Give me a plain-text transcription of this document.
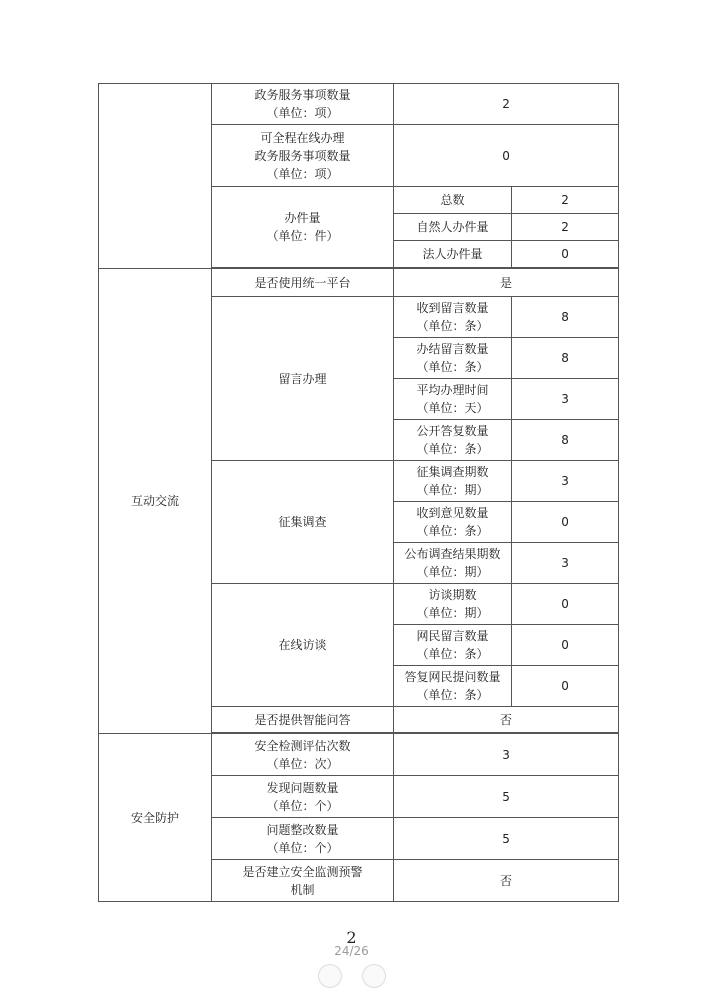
	政务服务事项数量
（单位：项）	2	
	可全程在线办理
政务服务事项数量
（单位：项）	0	
	办件量
（单位：件）	总数	2
		自然人办件量	2
		法人办件量	0

互动交流	是否使用统一平台	是	
	留言办理	收到留言数量
（单位：条）	8
		办结留言数量
（单位：条）	8
		平均办理时间
（单位：天）	3
		公开答复数量
（单位：条）	8
	征集调查	征集调查期数
（单位：期）	3
		收到意见数量
（单位：条）	0
		公布调查结果期数
（单位：期）	3
	在线访谈	访谈期数
（单位：期）	0
		网民留言数量
（单位：条）	0
		答复网民提问数量
（单位：条）	0
	是否提供智能问答	否	

安全防护	安全检测评估次数
（单位：次）	3	
	发现问题数量
（单位：个）	5	
	问题整改数量
（单位：个）	5	
	是否建立安全监测预警
机制	否	
2
24/26
